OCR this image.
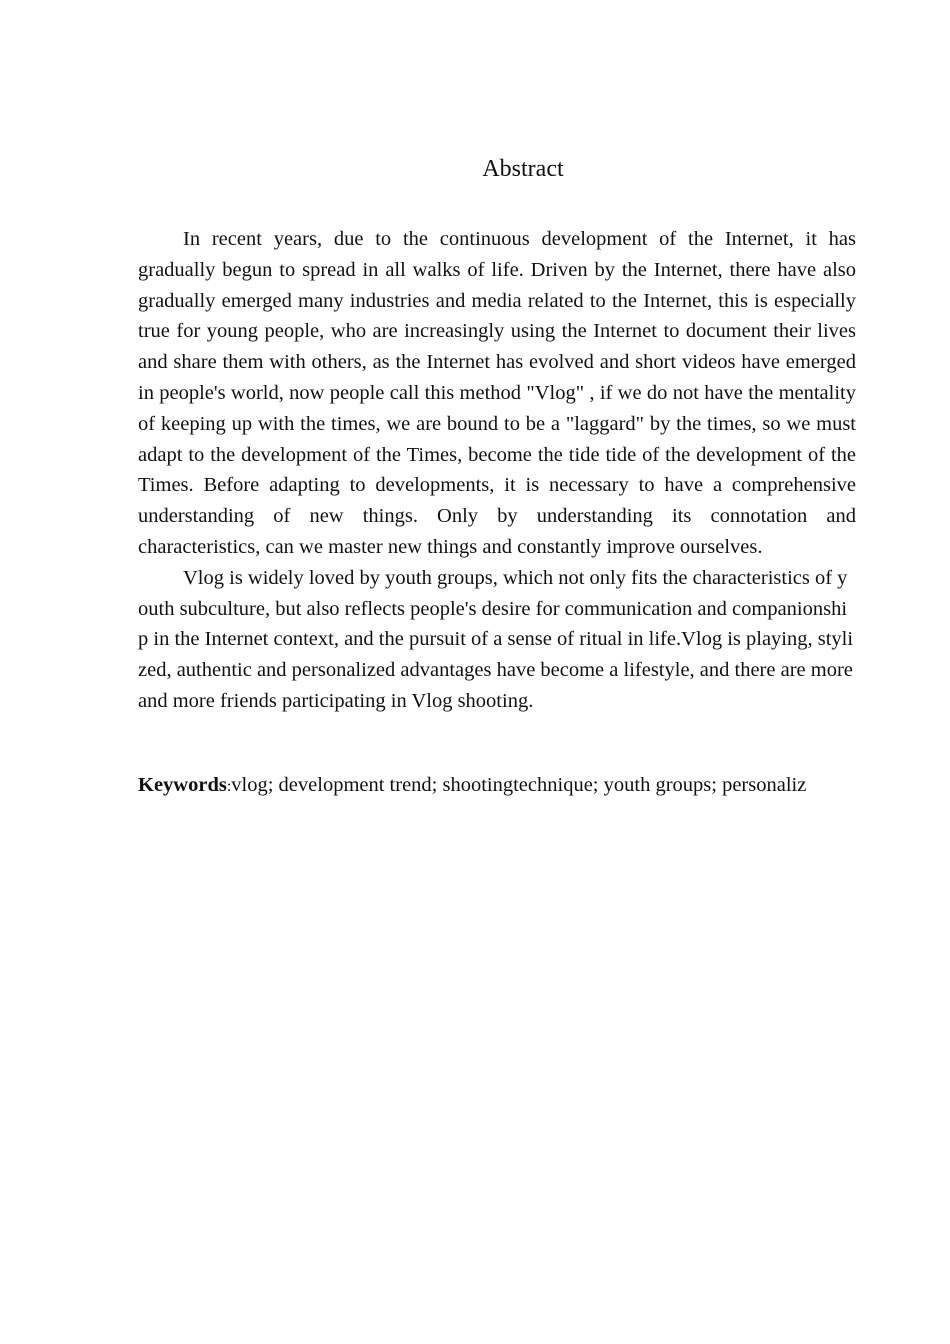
Abstract

In recent years, due to the continuous development of the Internet, it has gradually begun to spread in all walks of life. Driven by the Internet, there have also gradually emerged many industries and media related to the Internet, this is especially true for young people, who are increasingly using the Internet to document their lives and share them with others, as the Internet has evolved and short videos have emerged in people's world, now people call this method "Vlog" , if we do not have the mentality of keeping up with the times, we are bound to be a "laggard" by the times, so we must adapt to the development of the Times, become the tide tide of the development of the Times. Before adapting to developments, it is necessary to have a comprehensive understanding of new things. Only by understanding its connotation and characteristics, can we master new things and constantly improve ourselves.

Vlog is widely loved by youth groups, which not only fits the characteristics of youth subculture, but also reflects people's desire for communication and companionship in the Internet context, and the pursuit of a sense of ritual in life.Vlog is playing, stylized, authentic and personalized advantages have become a lifestyle, and there are more and more friends participating in Vlog shooting.

Keywords:vlog; development trend; shootingtechnique; youth groups; personaliz
